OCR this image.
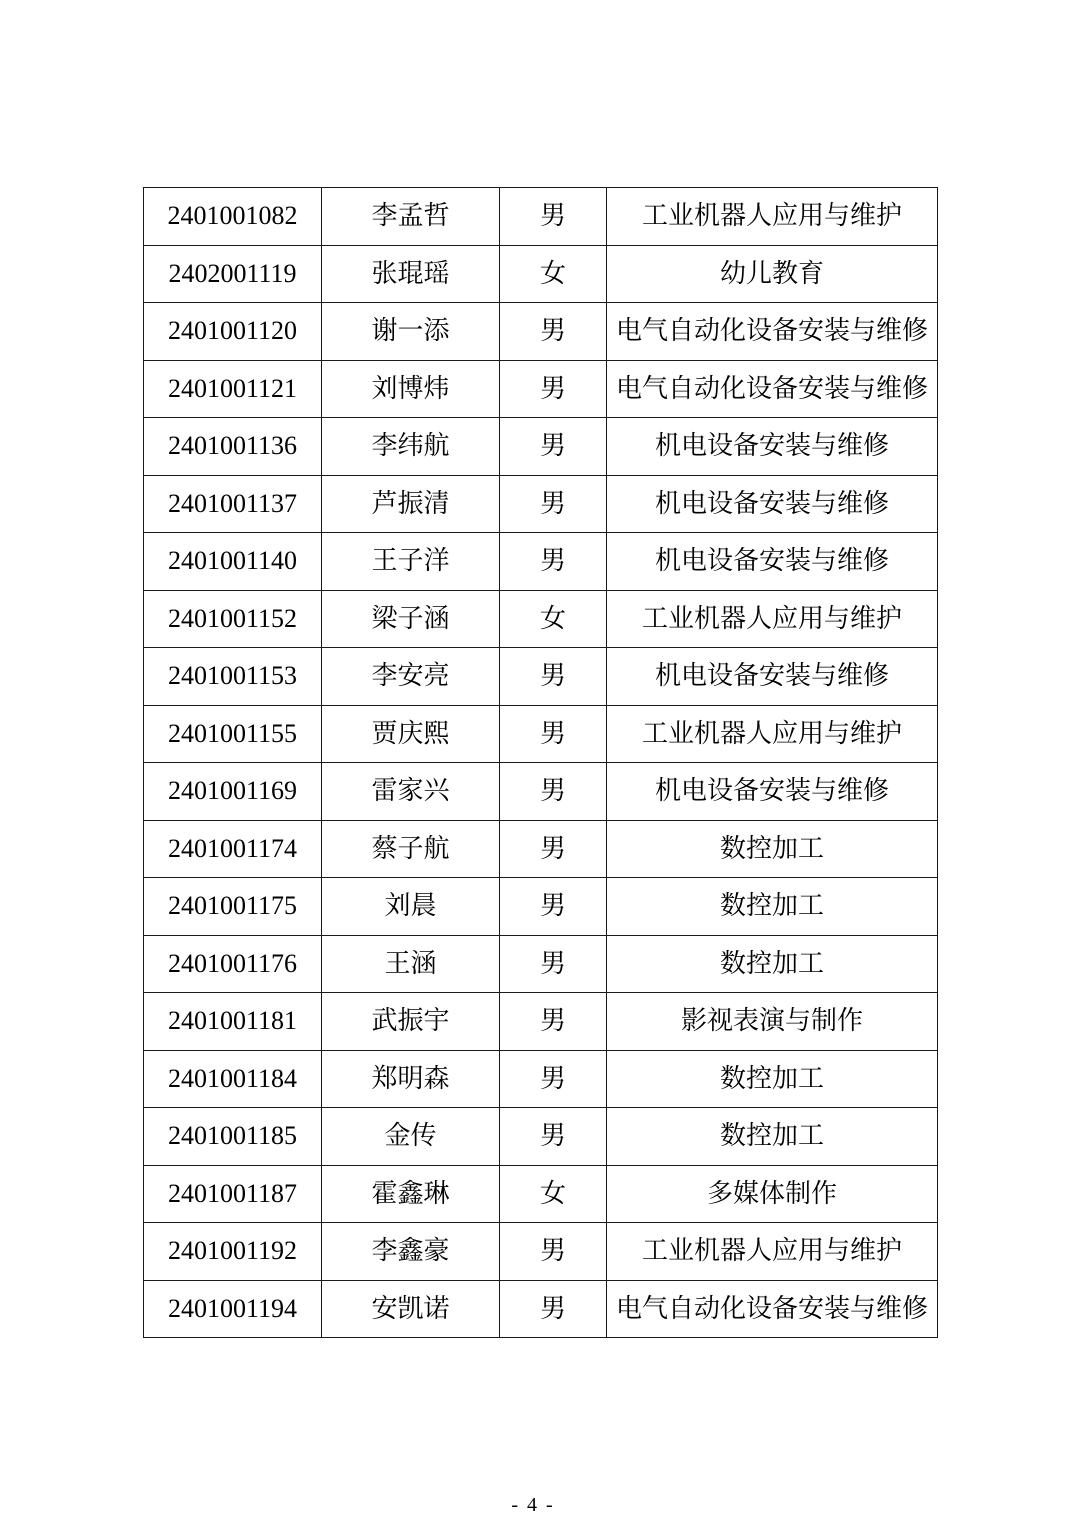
2401001082	李孟哲	男	工业机器人应用与维护
2402001119	张琨瑶	女	幼儿教育
2401001120	谢一添	男	电气自动化设备安装与维修
2401001121	刘博炜	男	电气自动化设备安装与维修
2401001136	李纬航	男	机电设备安装与维修
2401001137	芦振清	男	机电设备安装与维修
2401001140	王子洋	男	机电设备安装与维修
2401001152	梁子涵	女	工业机器人应用与维护
2401001153	李安亮	男	机电设备安装与维修
2401001155	贾庆熙	男	工业机器人应用与维护
2401001169	雷家兴	男	机电设备安装与维修
2401001174	蔡子航	男	数控加工
2401001175	刘晨	男	数控加工
2401001176	王涵	男	数控加工
2401001181	武振宇	男	影视表演与制作
2401001184	郑明森	男	数控加工
2401001185	金传	男	数控加工
2401001187	霍鑫琳	女	多媒体制作
2401001192	李鑫豪	男	工业机器人应用与维护
2401001194	安凯诺	男	电气自动化设备安装与维修
- 4 -
